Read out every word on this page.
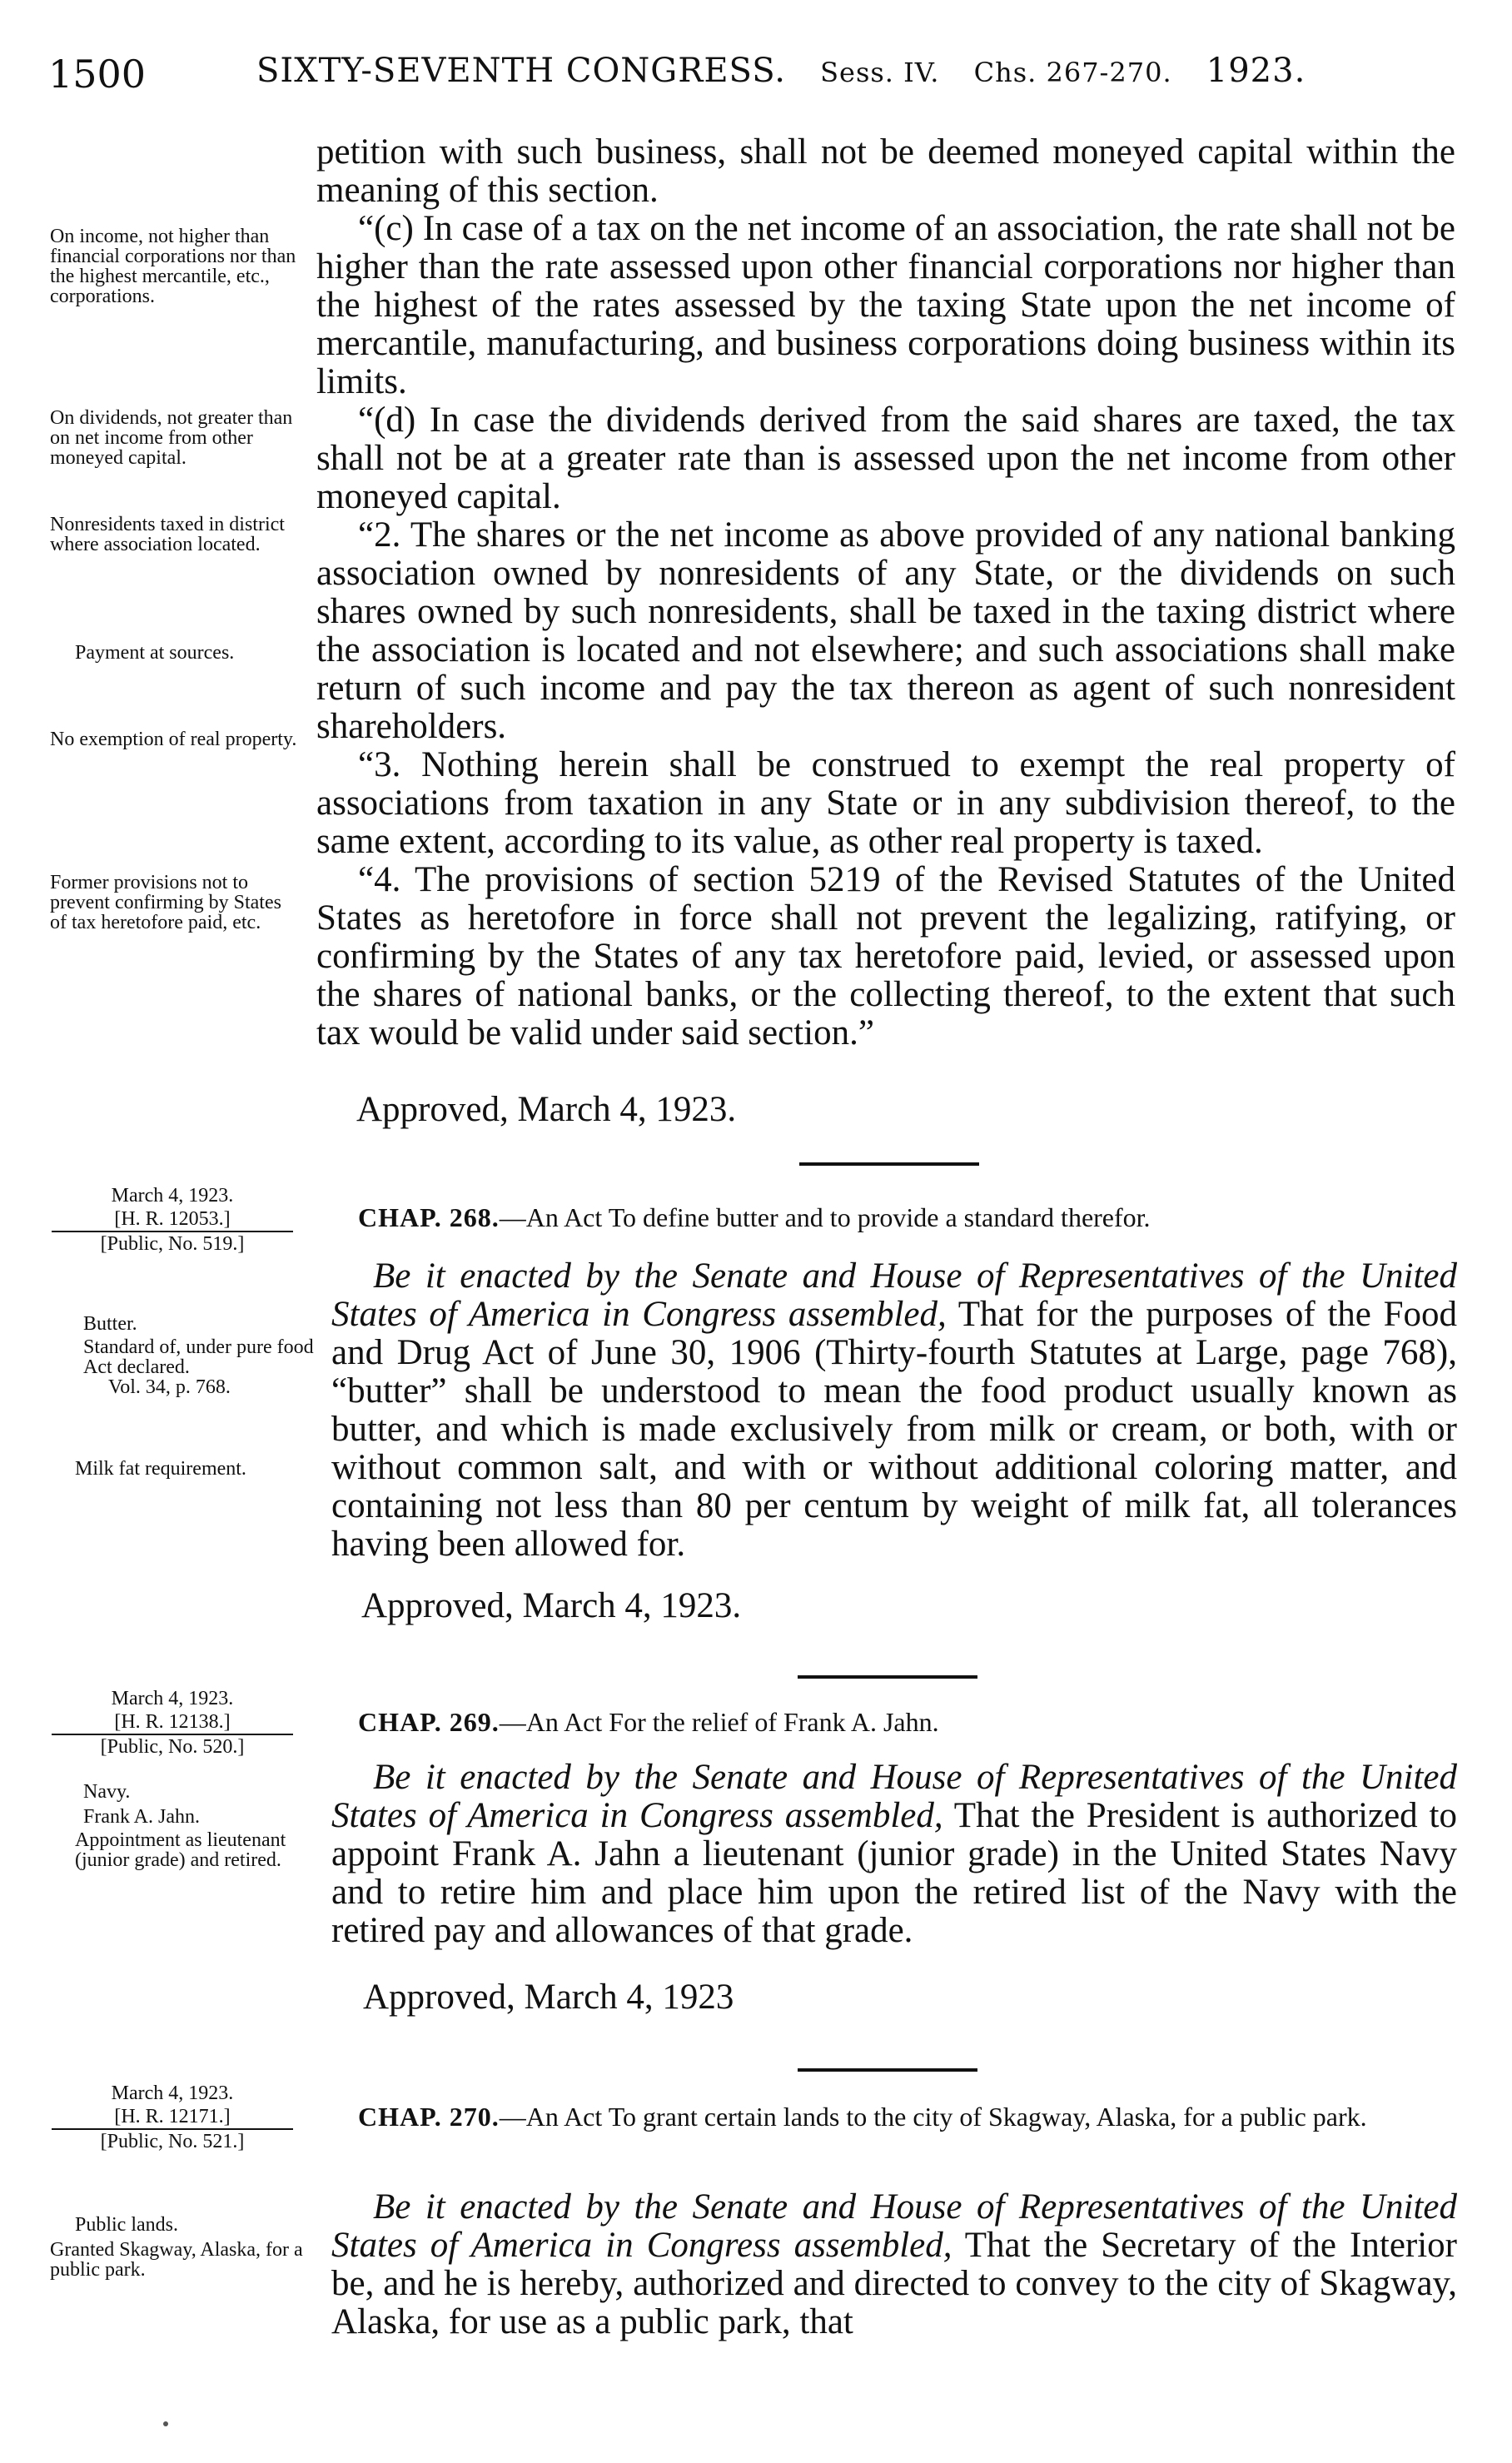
1500	SIXTY-SEVENTH CONGRESS. Sess. IV. Chs. 267-270. 1923.
On income, not higher than financial corporations nor than the highest mercantile, etc., corporations.
On dividends, not greater than on net income from other moneyed capital.
Nonresidents taxed in district where association located.
Payment at sources.
No exemption of real property.
Former provisions not to prevent confirming by States of tax heretofore paid, etc.

petition with such business, shall not be deemed moneyed capital within the meaning of this section.

“(c) In case of a tax on the net income of an association, the rate shall not be higher than the rate assessed upon other financial corporations nor higher than the highest of the rates assessed by the taxing State upon the net income of mercantile, manufacturing, and business corporations doing business within its limits.

“(d) In case the dividends derived from the said shares are taxed, the tax shall not be at a greater rate than is assessed upon the net income from other moneyed capital.

“2. The shares or the net income as above provided of any national banking association owned by nonresidents of any State, or the dividends on such shares owned by such nonresidents, shall be taxed in the taxing district where the association is located and not elsewhere; and such associations shall make return of such income and pay the tax thereon as agent of such nonresident shareholders.

“3. Nothing herein shall be construed to exempt the real property of associations from taxation in any State or in any subdivision thereof, to the same extent, according to its value, as other real property is taxed.

“4. The provisions of section 5219 of the Revised Statutes of the United States as heretofore in force shall not prevent the legalizing, ratifying, or confirming by the States of any tax heretofore paid, levied, or assessed upon the shares of national banks, or the collecting thereof, to the extent that such tax would be valid under said section.”

Approved, March 4, 1923.
March 4, 1923.
[H. R. 12053.]
[Public, No. 519.]
CHAP. 268.—An Act To define butter and to provide a standard therefor.

Be it enacted by the Senate and House of Representatives of the United States of America in Congress assembled, That for the purposes of the Food and Drug Act of June 30, 1906 (Thirty-fourth Statutes at Large, page 768), “butter” shall be understood to mean the food product usually known as butter, and which is made exclusively from milk or cream, or both, with or without common salt, and with or without additional coloring matter, and containing not less than 80 per centum by weight of milk fat, all tolerances having been allowed for.

Butter.
Standard of, under pure food Act declared.
Vol. 34, p. 768.
Milk fat requirement.
Approved, March 4, 1923.
March 4, 1923.
[H. R. 12138.]
[Public, No. 520.]
CHAP. 269.—An Act For the relief of Frank A. Jahn.

Be it enacted by the Senate and House of Representatives of the United States of America in Congress assembled, That the President is authorized to appoint Frank A. Jahn a lieutenant (junior grade) in the United States Navy and to retire him and place him upon the retired list of the Navy with the retired pay and allowances of that grade.

Navy.
Frank A. Jahn.
Appointment as lieutenant (junior grade) and retired.
Approved, March 4, 1923
March 4, 1923.
[H. R. 12171.]
[Public, No. 521.]
CHAP. 270.—An Act To grant certain lands to the city of Skagway, Alaska, for a public park.

Be it enacted by the Senate and House of Representatives of the United States of America in Congress assembled, That the Secretary of the Interior be, and he is hereby, authorized and directed to convey to the city of Skagway, Alaska, for use as a public park, that

Public lands.
Granted Skagway, Alaska, for a public park.
